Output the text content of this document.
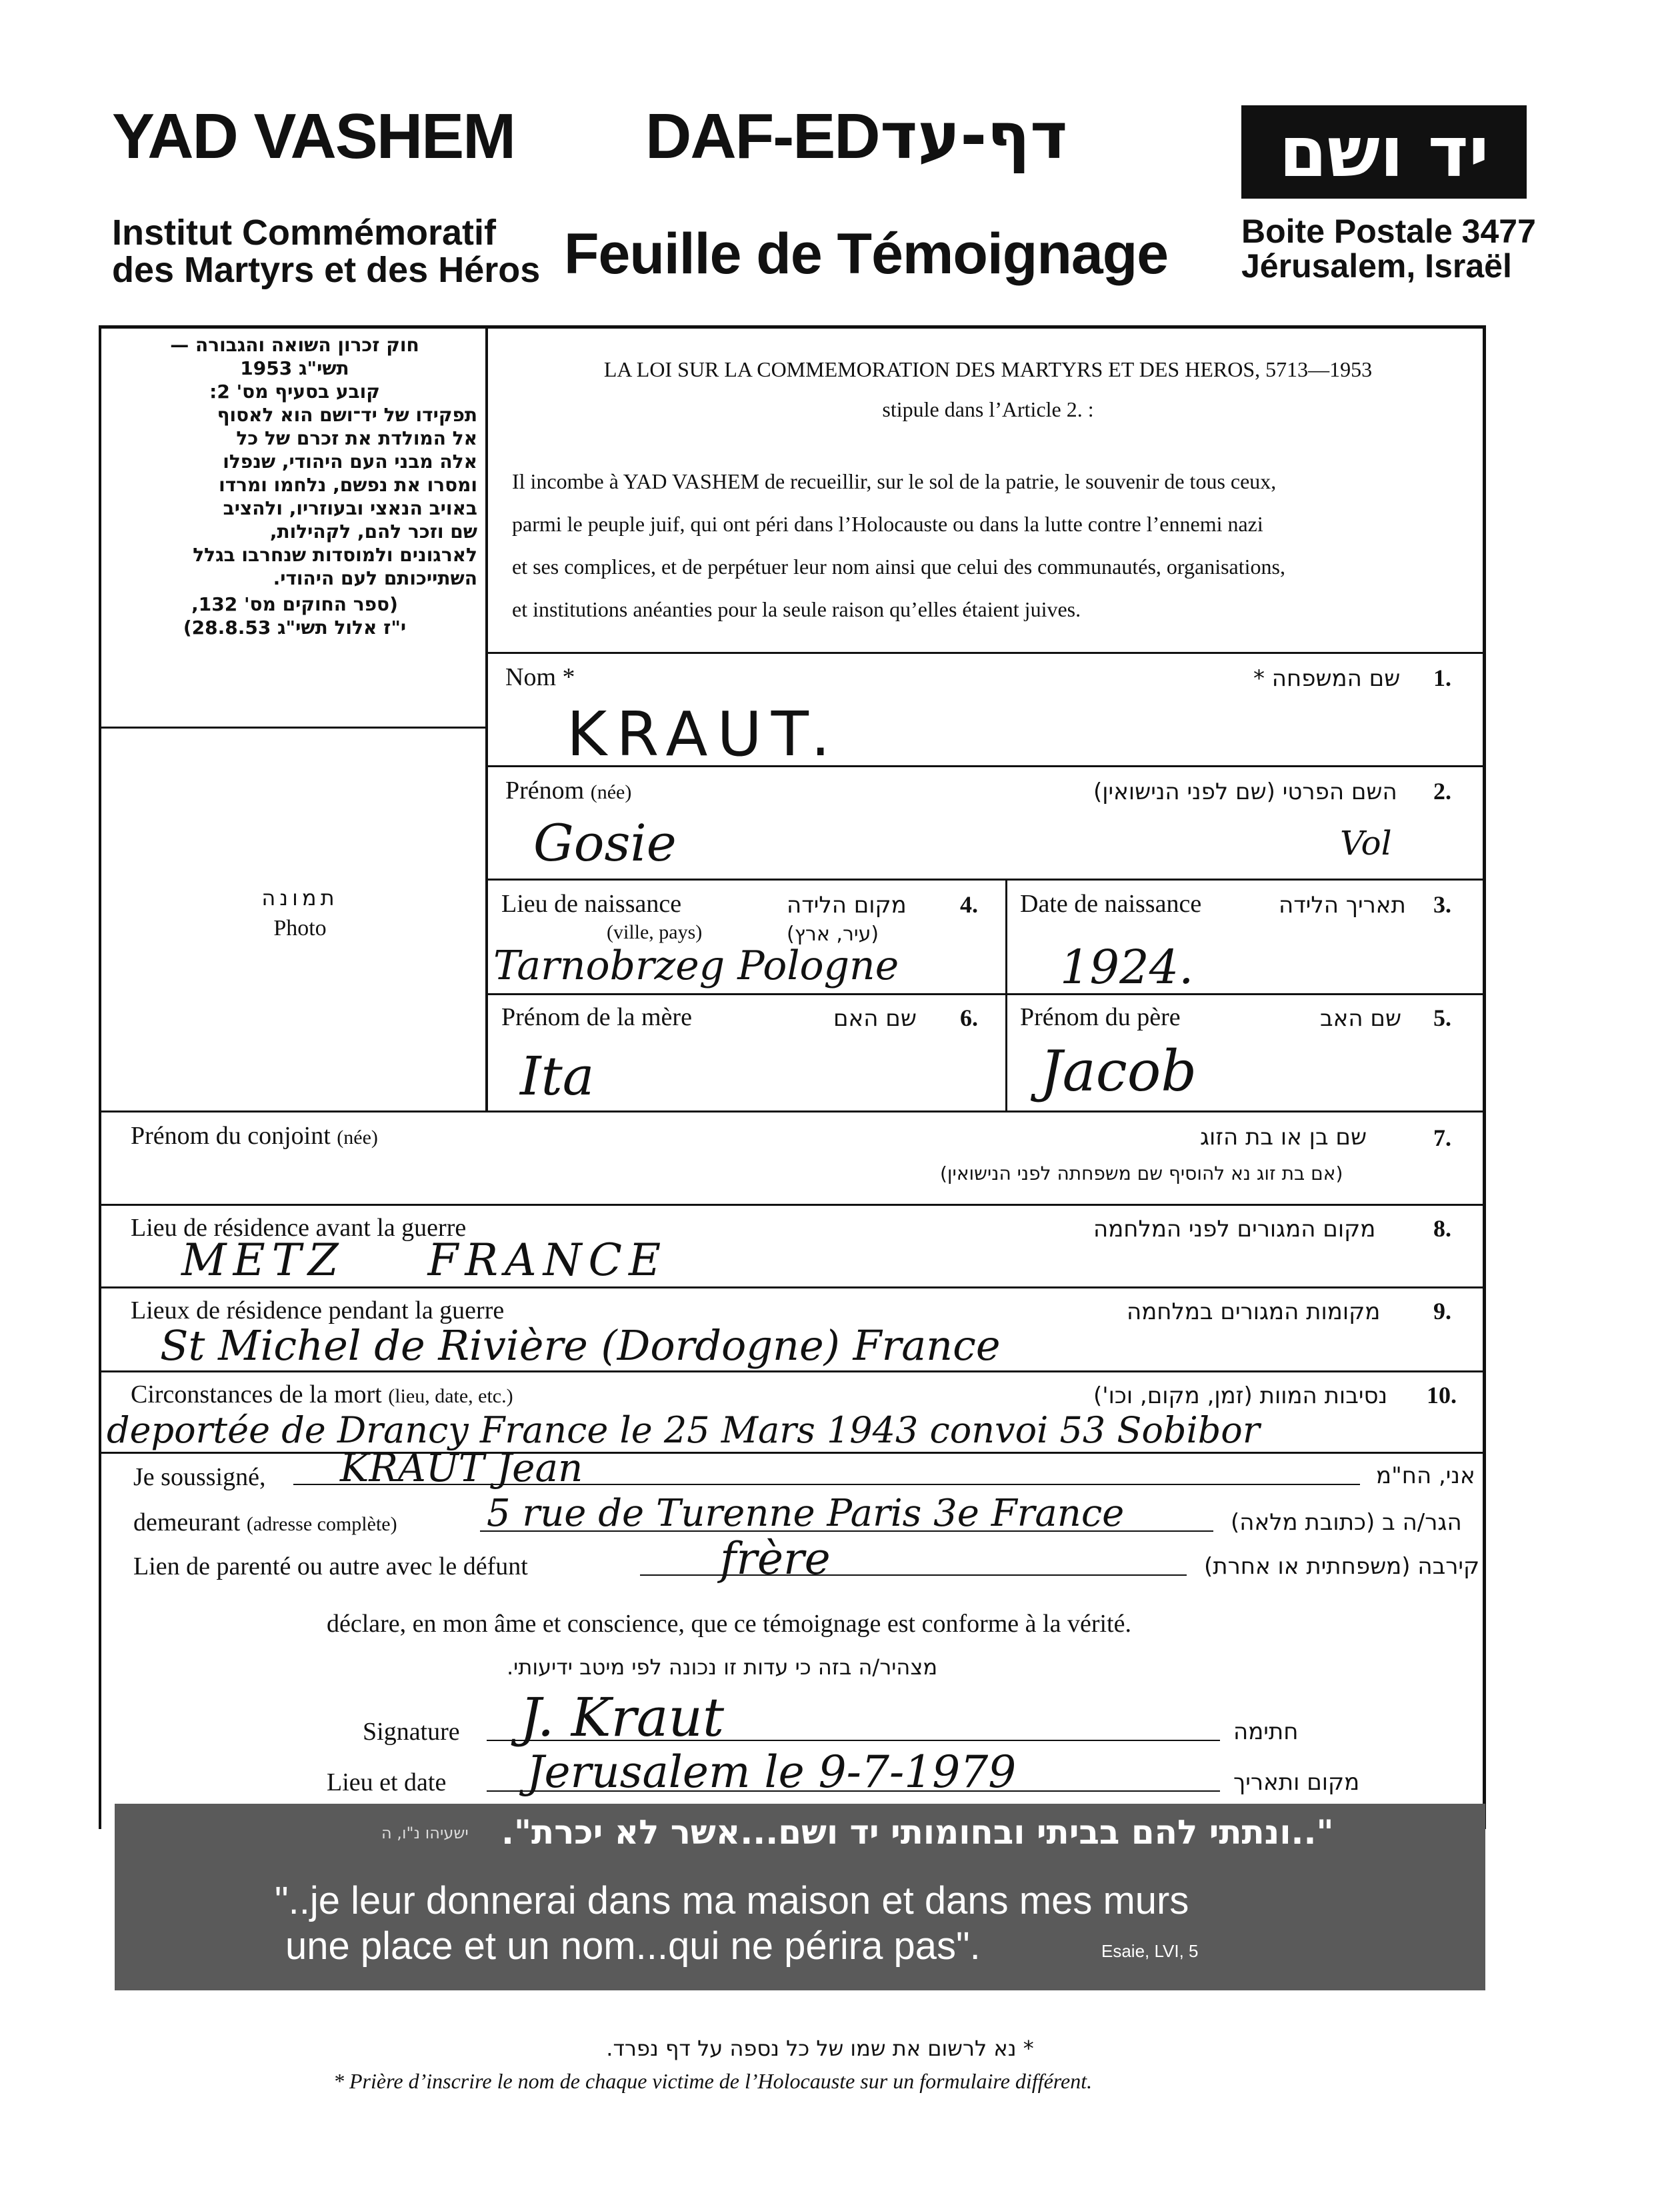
YAD VASHEM DAF-ED דף-עד	יד ושם
Institut Commémoratif
des Martyrs et des Héros Feuille de Témoignage Boite Postale 3477
Jérusalem, Israël
חוק זכרון השואה והגבורה —
תשי"ג 1953
קובע בסעיף מס' 2:
תפקידו של יד־ושם הוא לאסוף
אל המולדת את זכרם של כל
אלה מבני העם היהודי, שנפלו
ומסרו את נפשם, נלחמו ומרדו
באויב הנאצי ובעוזריו, ולהציב
שם וזכר להם, לקהילות,
לארגונים ולמוסדות שנחרבו בגלל
השתייכותם לעם היהודי.
(ספר החוקים מס' 132,
י"ז אלול תשי"ג 28.8.53)
תמונה
Photo
LA LOI SUR LA COMMEMORATION DES MARTYRS ET DES HEROS, 5713—1953
stipule dans l’Article 2. :
Il incombe à YAD VASHEM de recueillir, sur le sol de la patrie, le souvenir de tous ceux,
parmi le peuple juif, qui ont péri dans l’Holocauste ou dans la lutte contre l’ennemi nazi
et ses complices, et de perpétuer leur nom ainsi que celui des communautés, organisations,
et institutions anéanties pour la seule raison qu’elles étaient juives.
Nom *	שם המשפחה * 1.
KRAUT.
Prénom (née)	השם הפרטי (שם לפני הנישואין) 2.
Gosie	Vol
Lieu de naissance
(ville, pays)
מקום הלידה
(עיר, ארץ)
4.
Tarnobrzeg Pologne
Date de naissance	תאריך הלידה 3.
1924.
Prénom de la mère	שם האם 6.
Ita
Prénom du père	שם האב 5.
Jacob
Prénom du conjoint (née)	שם בן או בת הזוג	7.
(אם בת זוג נא להוסיף שם משפחתה לפני הנישואין)
Lieu de résidence avant la guerre	מקום המגורים לפני המלחמה 8.
METZ    FRANCE
Lieux de résidence pendant la guerre	מקומות המגורים במלחמה 9.
St Michel de Rivière (Dordogne) France
Circonstances de la mort (lieu, date, etc.)	נסיבות המוות (זמן, מקום, וכו')	10.
deportée de Drancy France le 25 Mars 1943 convoi 53 Sobibor
Je soussigné, KRAUT Jean	אני, הח"מ
demeurant (adresse complète) 5 rue de Turenne Paris 3e France	הגר/ה ב (כתובת מלאה)
Lien de parenté ou autre avec le défunt	frère	קירבה (משפחתית או אחרת)
déclare, en mon âme et conscience, que ce témoignage est conforme à la vérité.
מצהיר/ה בזה כי עדות זו נכונה לפי מיטב ידיעותי.
Signature J. Kraut	חתימה
Lieu et date Jerusalem le 9-7-1979	מקום ותאריך
"..ונתתי להם בביתי ובחומותי יד ושם...אשר לא יכרת".
ישעיהו נ"ו, ה
"..je leur donnerai dans ma maison et dans mes murs
une place et un nom...qui ne périra pas".	Esaie, LVI, 5
* נא לרשום את שמו של כל נספה על דף נפרד.
* Prière d’inscrire le nom de chaque victime de l’Holocauste sur un formulaire différent.
